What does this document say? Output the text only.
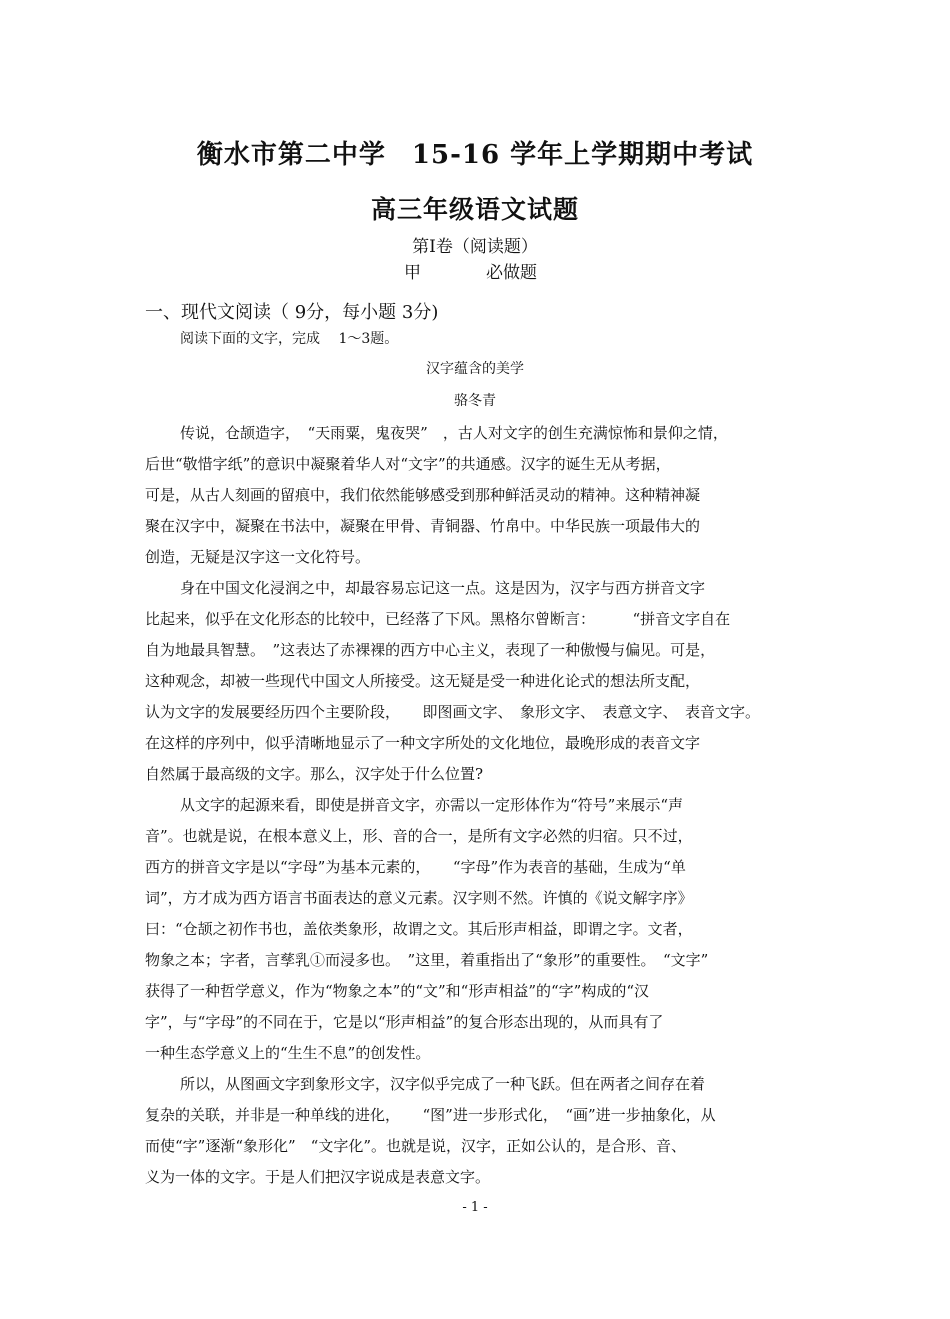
衡水市第二中学 15-16 学年上学期期中考试
高三年级语文试题
第Ⅰ卷（阅读题）
甲	必做题
一、现代文阅读（ 9分，每小题 3分)
阅读下面的文字，完成　 1～3题。
汉字蕴含的美学
骆冬青
传说，仓颉造字，　“天雨粟，鬼夜哭”　，古人对文字的创生充满惊怖和景仰之情，
后世“敬惜字纸”的意识中凝聚着华人对“文字”的共通感。汉字的诞生无从考据，
可是，从古人刻画的留痕中，我们依然能够感受到那种鲜活灵动的精神。这种精神凝
聚在汉字中，凝聚在书法中，凝聚在甲骨、青铜器、竹帛中。中华民族一项最伟大的
创造，无疑是汉字这一文化符号。
身在中国文化浸润之中，却最容易忘记这一点。这是因为，汉字与西方拼音文字
比起来，似乎在文化形态的比较中，已经落了下风。黑格尔曾断言：　　　“拼音文字自在
自为地最具智慧。　”这表达了赤裸裸的西方中心主义，表现了一种傲慢与偏见。可是，
这种观念，却被一些现代中国文人所接受。这无疑是受一种进化论式的想法所支配，
认为文字的发展要经历四个主要阶段，　　即图画文字、　象形文字、　表意文字、　表音文字。
在这样的序列中，似乎清晰地显示了一种文字所处的文化地位，最晚形成的表音文字
自然属于最高级的文字。那么，汉字处于什么位置?
从文字的起源来看，即使是拼音文字，亦需以一定形体作为“符号”来展示“声
音”。也就是说，在根本意义上，形、音的合一，是所有文字必然的归宿。只不过，
西方的拼音文字是以“字母”为基本元素的，　　“字母”作为表音的基础，生成为“单
词”，方才成为西方语言书面表达的意义元素。汉字则不然。许慎的《说文解字序》
曰：“仓颉之初作书也，盖依类象形，故谓之文。其后形声相益，即谓之字。文者，
物象之本；字者，言孳乳①而浸多也。　”这里，着重指出了“象形”的重要性。　“文字”
获得了一种哲学意义，作为“物象之本”的“文”和“形声相益”的“字”构成的“汉
字”，与“字母”的不同在于，它是以“形声相益”的复合形态出现的，从而具有了
一种生态学意义上的“生生不息”的创发性。
所以，从图画文字到象形文字，汉字似乎完成了一种飞跃。但在两者之间存在着
复杂的关联，并非是一种单线的进化，　　“图”进一步形式化，　“画”进一步抽象化，从
而使“字”逐渐“象形化”　“文字化”。也就是说，汉字，正如公认的，是合形、音、
义为一体的文字。于是人们把汉字说成是表意文字。
- 1 -
